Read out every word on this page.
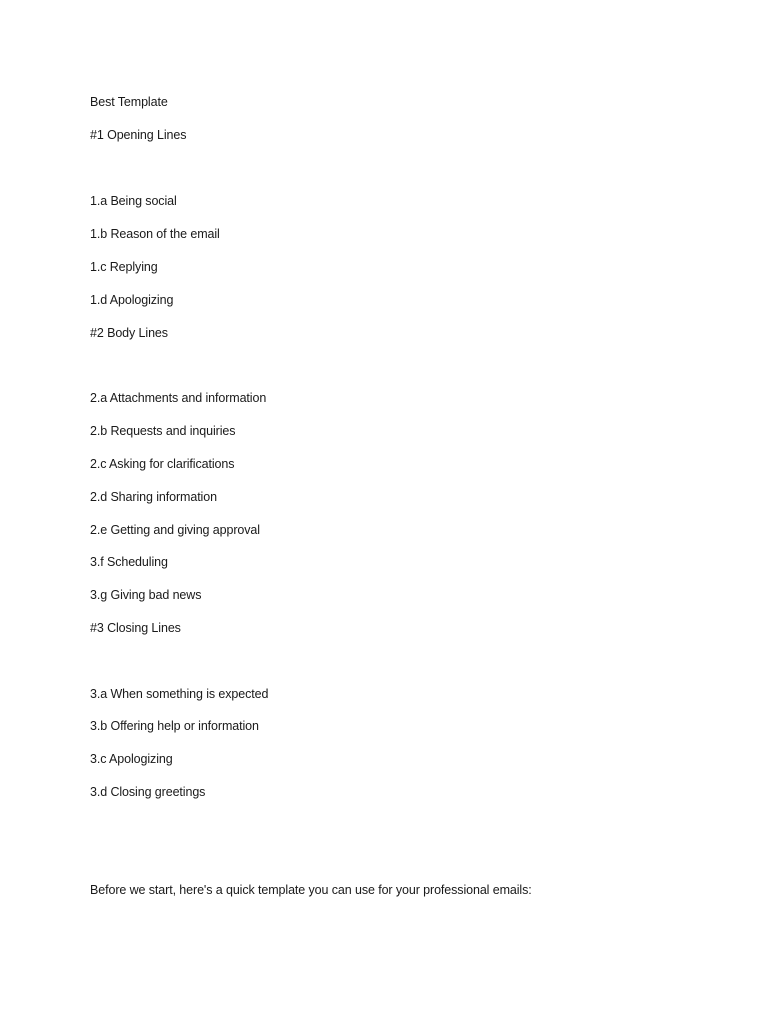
Best Template
#1 Opening Lines
1.a Being social
1.b Reason of the email
1.c Replying
1.d Apologizing
#2 Body Lines
2.a Attachments and information
2.b Requests and inquiries
2.c Asking for clarifications
2.d Sharing information
2.e Getting and giving approval
3.f Scheduling
3.g Giving bad news
#3 Closing Lines
3.a When something is expected
3.b Offering help or information
3.c Apologizing
3.d Closing greetings
Before we start, here's a quick template you can use for your professional emails:
